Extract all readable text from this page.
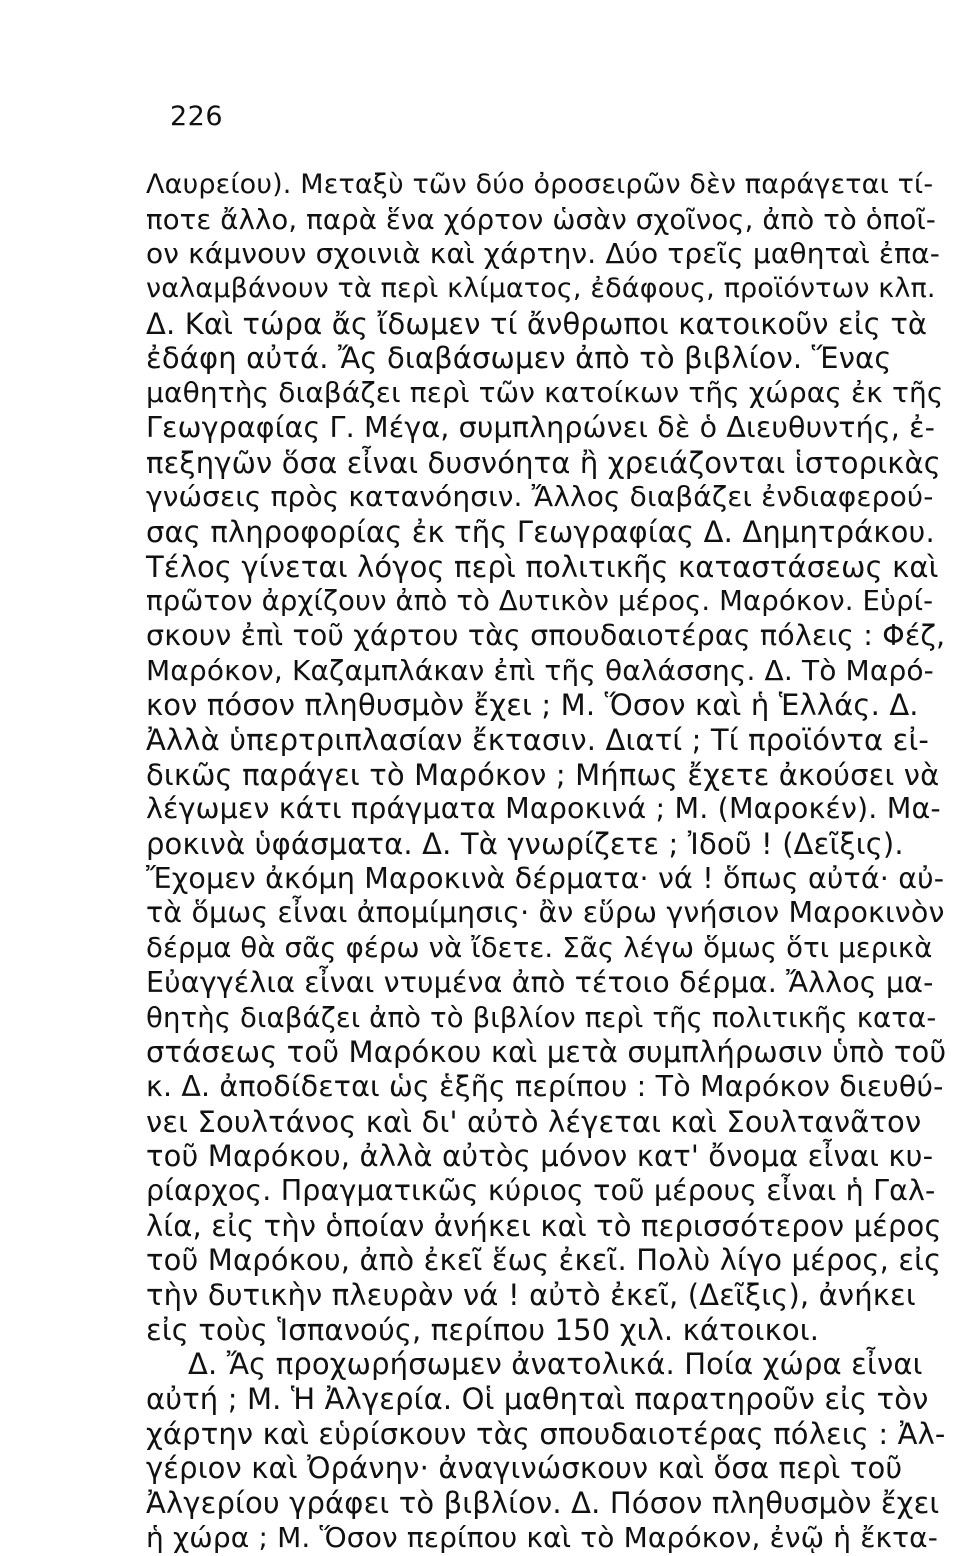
226
Λαυρείου). Μεταξὺ τῶν δύο ὀροσειρῶν δὲν παράγεται τί-
ποτε ἄλλο, παρὰ ἕνα χόρτον ὡσὰν σχοῖνος, ἀπὸ τὸ ὁποῖ-
ον κάμνουν σχοινιὰ καὶ χάρτην. Δύο τρεῖς μαθηταὶ ἐπα-
ναλαμβάνουν τὰ περὶ κλίματος, ἐδάφους, προϊόντων κλπ.
Δ. Καὶ τώρα ἄς ἴδωμεν τί ἄνθρωποι κατοικοῦν εἰς τὰ
ἐδάφη αὐτά. Ἄς διαβάσωμεν ἀπὸ τὸ βιβλίον. Ἕνας
μαθητὴς διαβάζει περὶ τῶν κατοίκων τῆς χώρας ἐκ τῆς
Γεωγραφίας Γ. Μέγα, συμπληρώνει δὲ ὁ Διευθυντής, ἐ-
πεξηγῶν ὅσα εἶναι δυσνόητα ἢ χρειάζονται ἱστορικὰς
γνώσεις πρὸς κατανόησιν. Ἄλλος διαβάζει ἐνδιαφερού-
σας πληροφορίας ἐκ τῆς Γεωγραφίας Δ. Δημητράκου.
Τέλος γίνεται λόγος περὶ πολιτικῆς καταστάσεως καὶ
πρῶτον ἀρχίζουν ἀπὸ τὸ Δυτικὸν μέρος. Μαρόκον. Εὑρί-
σκουν ἐπὶ τοῦ χάρτου τὰς σπουδαιοτέρας πόλεις : Φέζ,
Μαρόκον, Καζαμπλάκαν ἐπὶ τῆς θαλάσσης. Δ. Τὸ Μαρό-
κον πόσον πληθυσμὸν ἔχει ; Μ. Ὅσον καὶ ἡ Ἑλλάς. Δ.
Ἀλλὰ ὑπερτριπλασίαν ἔκτασιν. Διατί ; Τί προϊόντα εἰ-
δικῶς παράγει τὸ Μαρόκον ; Μήπως ἔχετε ἀκούσει νὰ
λέγωμεν κάτι πράγματα Μαροκινά ; Μ. (Μαροκέν). Μα-
ροκινὰ ὑφάσματα. Δ. Τὰ γνωρίζετε ; Ἰδοῦ ! (Δεῖξις).
Ἔχομεν ἀκόμη Μαροκινὰ δέρματα· νά ! ὅπως αὐτά· αὐ-
τὰ ὅμως εἶναι ἀπομίμησις· ἂν εὕρω γνήσιον Μαροκινὸν
δέρμα θὰ σᾶς φέρω νὰ ἴδετε. Σᾶς λέγω ὅμως ὅτι μερικὰ
Εὐαγγέλια εἶναι ντυμένα ἀπὸ τέτοιο δέρμα. Ἄλλος μα-
θητὴς διαβάζει ἀπὸ τὸ βιβλίον περὶ τῆς πολιτικῆς κατα-
στάσεως τοῦ Μαρόκου καὶ μετὰ συμπλήρωσιν ὑπὸ τοῦ
κ. Δ. ἀποδίδεται ὡς ἑξῆς περίπου : Τὸ Μαρόκον διευθύ-
νει Σουλτάνος καὶ δι' αὐτὸ λέγεται καὶ Σουλτανᾶτον
τοῦ Μαρόκου, ἀλλὰ αὐτὸς μόνον κατ' ὄνομα εἶναι κυ-
ρίαρχος. Πραγματικῶς κύριος τοῦ μέρους εἶναι ἡ Γαλ-
λία, εἰς τὴν ὁποίαν ἀνήκει καὶ τὸ περισσότερον μέρος
τοῦ Μαρόκου, ἀπὸ ἐκεῖ ἕως ἐκεῖ. Πολὺ λίγο μέρος, εἰς
τὴν δυτικὴν πλευρὰν νά ! αὐτὸ ἐκεῖ, (Δεῖξις), ἀνήκει
εἰς τοὺς Ἱσπανούς, περίπου 150 χιλ. κάτοικοι.
Δ. Ἄς προχωρήσωμεν ἀνατολικά. Ποία χώρα εἶναι
αὐτή ; Μ. Ἡ Ἀλγερία. Οἱ μαθηταὶ παρατηροῦν εἰς τὸν
χάρτην καὶ εὑρίσκουν τὰς σπουδαιοτέρας πόλεις : Ἀλ-
γέριον καὶ Ὀράνην· ἀναγινώσκουν καὶ ὅσα περὶ τοῦ
Ἀλγερίου γράφει τὸ βιβλίον. Δ. Πόσον πληθυσμὸν ἔχει
ἡ χώρα ; Μ. Ὅσον περίπου καὶ τὸ Μαρόκον, ἐνῷ ἡ ἔκτα-
